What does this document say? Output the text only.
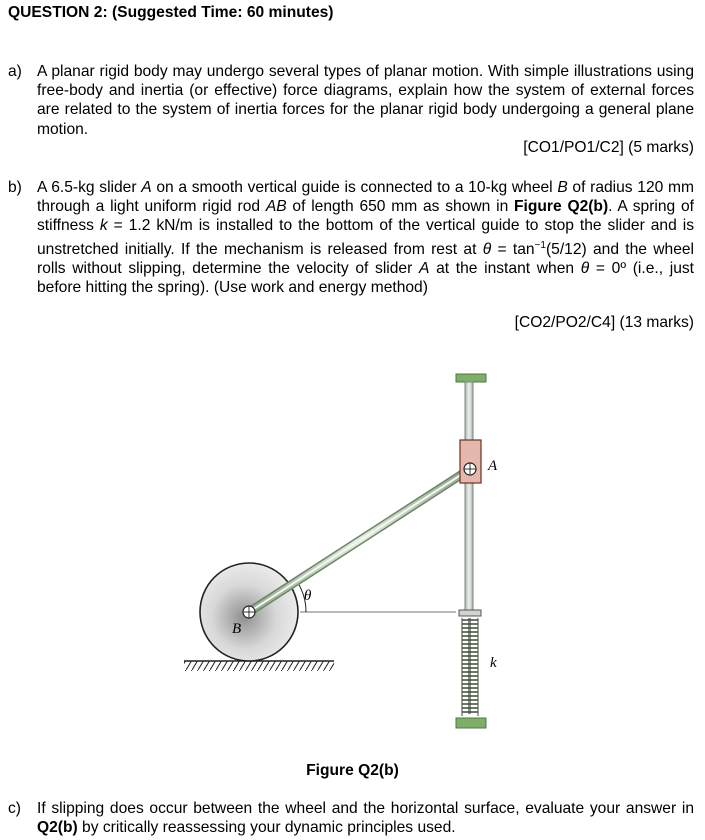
QUESTION 2: (Suggested Time: 60 minutes)
a) A planar rigid body may undergo several types of planar motion. With simple illustrations using free-body and inertia (or effective) force diagrams, explain how the system of external forces are related to the system of inertia forces for the planar rigid body undergoing a general plane motion.
[CO1/PO1/C2] (5 marks)
b) A 6.5-kg slider A on a smooth vertical guide is connected to a 10-kg wheel B of radius 120 mm through a light uniform rigid rod AB of length 650 mm as shown in Figure Q2(b). A spring of stiffness k = 1.2 kN/m is installed to the bottom of the vertical guide to stop the slider and is unstretched initially. If the mechanism is released from rest at $\theta = \tan^{-1}(5/12)$ and the wheel rolls without slipping, determine the velocity of slider A at the instant when θ = 0º (i.e., just before hitting the spring). (Use work and energy method)
[CO2/PO2/C4] (13 marks)
A
B
θ
k
Figure Q2(b)
c) If slipping does occur between the wheel and the horizontal surface, evaluate your answer in Q2(b) by critically reassessing your dynamic principles used.
